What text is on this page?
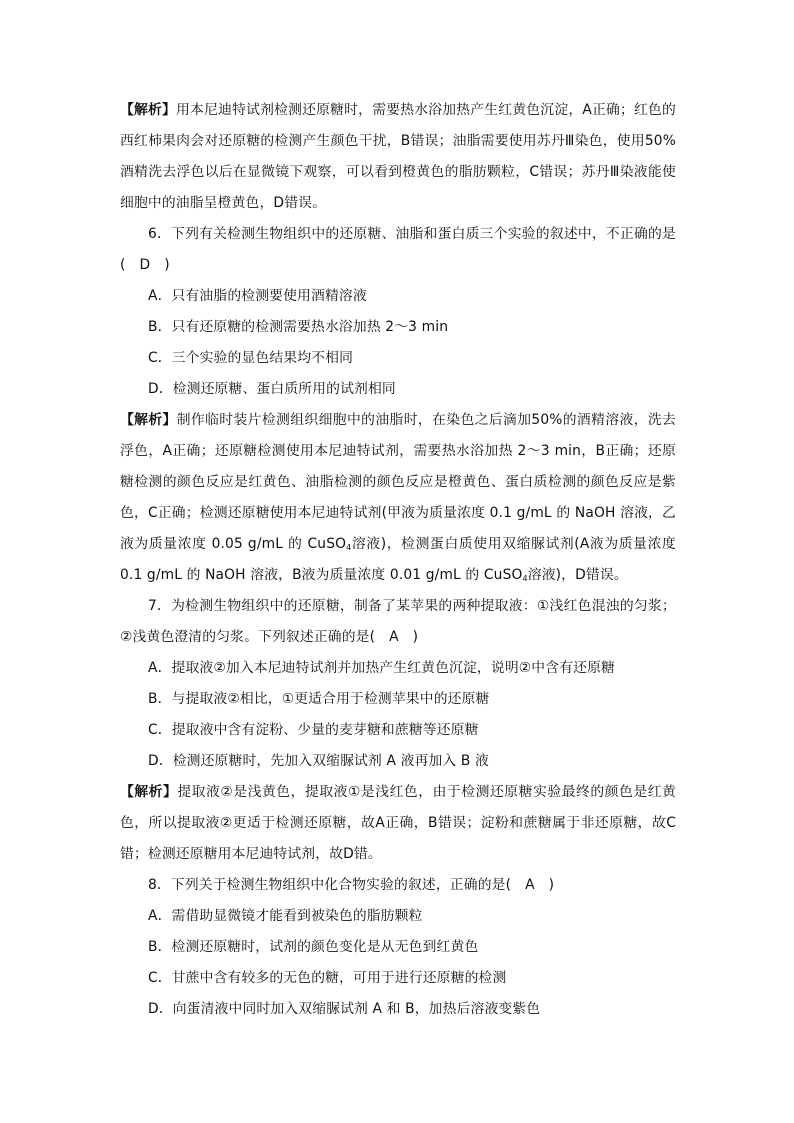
【解析】用本尼迪特试剂检测还原糖时，需要热水浴加热产生红黄色沉淀，A正确；红色的西红柿果肉会对还原糖的检测产生颜色干扰，B错误；油脂需要使用苏丹Ⅲ染色，使用50%酒精洗去浮色以后在显微镜下观察，可以看到橙黄色的脂肪颗粒，C错误；苏丹Ⅲ染液能使细胞中的油脂呈橙黄色，D错误。

6．下列有关检测生物组织中的还原糖、油脂和蛋白质三个实验的叙述中，不正确的是(　D　)

A．只有油脂的检测要使用酒精溶液
B．只有还原糖的检测需要热水浴加热 2～3 min
C．三个实验的显色结果均不相同
D．检测还原糖、蛋白质所用的试剂相同

【解析】制作临时装片检测组织细胞中的油脂时，在染色之后滴加50%的酒精溶液，洗去浮色，A正确；还原糖检测使用本尼迪特试剂，需要热水浴加热 2～3 min，B正确；还原糖检测的颜色反应是红黄色、油脂检测的颜色反应是橙黄色、蛋白质检测的颜色反应是紫色，C正确；检测还原糖使用本尼迪特试剂(甲液为质量浓度 0.1 g/mL 的 NaOH 溶液，乙液为质量浓度 0.05 g/mL 的 CuSO$_4$溶液)，检测蛋白质使用双缩脲试剂(A液为质量浓度 0.1 g/mL 的 NaOH 溶液，B液为质量浓度 0.01 g/mL 的 CuSO$_4$溶液)，D错误。

7．为检测生物组织中的还原糖，制备了某苹果的两种提取液：①浅红色混浊的匀浆；②浅黄色澄清的匀浆。下列叙述正确的是(　A　)

A．提取液②加入本尼迪特试剂并加热产生红黄色沉淀，说明②中含有还原糖
B．与提取液②相比，①更适合用于检测苹果中的还原糖
C．提取液中含有淀粉、少量的麦芽糖和蔗糖等还原糖
D．检测还原糖时，先加入双缩脲试剂 A 液再加入 B 液

【解析】提取液②是浅黄色，提取液①是浅红色，由于检测还原糖实验最终的颜色是红黄色，所以提取液②更适于检测还原糖，故A正确，B错误；淀粉和蔗糖属于非还原糖，故C错；检测还原糖用本尼迪特试剂，故D错。

8．下列关于检测生物组织中化合物实验的叙述，正确的是(　A　)

A．需借助显微镜才能看到被染色的脂肪颗粒
B．检测还原糖时，试剂的颜色变化是从无色到红黄色
C．甘蔗中含有较多的无色的糖，可用于进行还原糖的检测
D．向蛋清液中同时加入双缩脲试剂 A 和 B，加热后溶液变紫色
